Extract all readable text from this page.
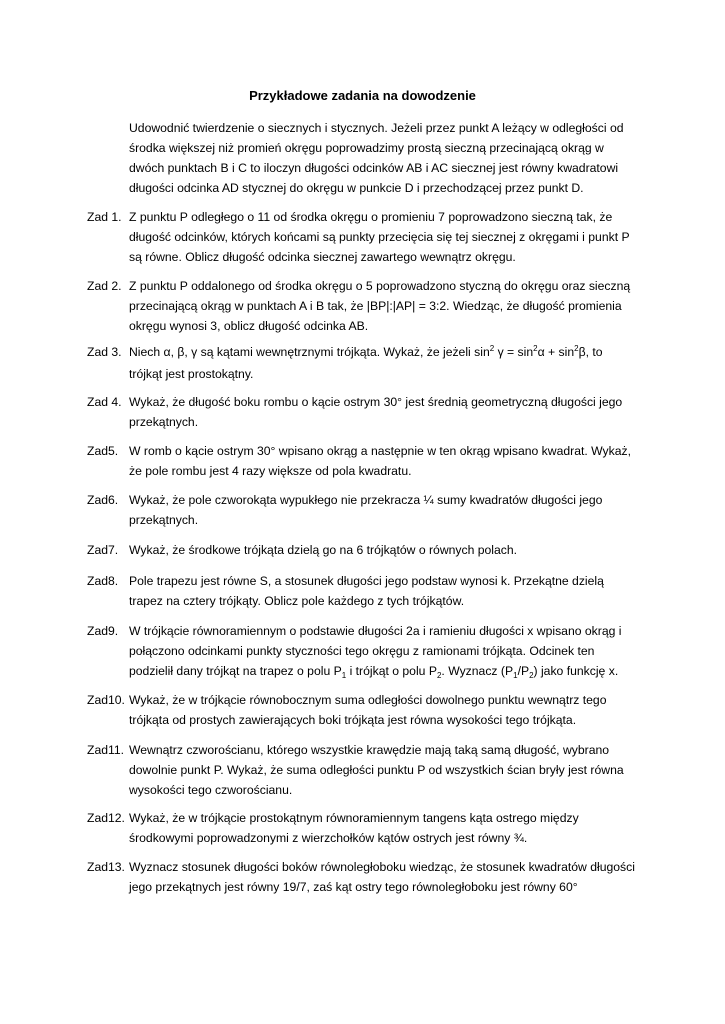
Przykładowe zadania na dowodzenie
Udowodnić twierdzenie o siecznych i stycznych. Jeżeli przez punkt A leżący w odległości od
środka większej niż promień okręgu poprowadzimy prostą sieczną przecinającą okrąg w
dwóch punktach B i C to iloczyn długości odcinków AB i AC siecznej jest równy kwadratowi
długości odcinka AD stycznej do okręgu w punkcie D i przechodzącej przez punkt D.
Zad 1. Z punktu P odległego o 11 od środka okręgu o promieniu 7 poprowadzono sieczną tak, że
długość odcinków, których końcami są punkty przecięcia się tej siecznej z okręgami i punkt P
są równe. Oblicz długość odcinka siecznej zawartego wewnątrz okręgu.
Zad 2. Z punktu P oddalonego od środka okręgu o 5 poprowadzono styczną do okręgu oraz sieczną
przecinającą okrąg w punktach A i B tak, że |BP|:|AP| = 3:2. Wiedząc, że długość promienia
okręgu wynosi 3, oblicz długość odcinka AB.
Zad 3. Niech α, β, γ są kątami wewnętrznymi trójkąta. Wykaż, że jeżeli $\sin^2 \gamma = \sin^2\alpha + \sin^2\beta$, to
trójkąt jest prostokątny.
Zad 4. Wykaż, że długość boku rombu o kącie ostrym 30° jest średnią geometryczną długości jego
przekątnych.
Zad5. W romb o kącie ostrym 30° wpisano okrąg a następnie w ten okrąg wpisano kwadrat. Wykaż,
że pole rombu jest 4 razy większe od pola kwadratu.
Zad6. Wykaż, że pole czworokąta wypukłego nie przekracza ¼ sumy kwadratów długości jego
przekątnych.
Zad7. Wykaż, że środkowe trójkąta dzielą go na 6 trójkątów o równych polach.
Zad8. Pole trapezu jest równe S, a stosunek długości jego podstaw wynosi k. Przekątne dzielą
trapez na cztery trójkąty. Oblicz pole każdego z tych trójkątów.
Zad9. W trójkącie równoramiennym o podstawie długości 2a i ramieniu długości x wpisano okrąg i
połączono odcinkami punkty styczności tego okręgu z ramionami trójkąta. Odcinek ten
podzielił dany trójkąt na trapez o polu $P_1$ i trójkąt o polu $P_2$. Wyznacz $(P_1/P_2)$ jako funkcję x.
Zad10. Wykaż, że w trójkącie równobocznym suma odległości dowolnego punktu wewnątrz tego
trójkąta od prostych zawierających boki trójkąta jest równa wysokości tego trójkąta.
Zad11. Wewnątrz czworościanu, którego wszystkie krawędzie mają taką samą długość, wybrano
dowolnie punkt P. Wykaż, że suma odległości punktu P od wszystkich ścian bryły jest równa
wysokości tego czworościanu.
Zad12. Wykaż, że w trójkącie prostokątnym równoramiennym tangens kąta ostrego między
środkowymi poprowadzonymi z wierzchołków kątów ostrych jest równy ¾.
Zad13. Wyznacz stosunek długości boków równoległoboku wiedząc, że stosunek kwadratów długości
jego przekątnych jest równy 19/7, zaś kąt ostry tego równoległoboku jest równy 60°
